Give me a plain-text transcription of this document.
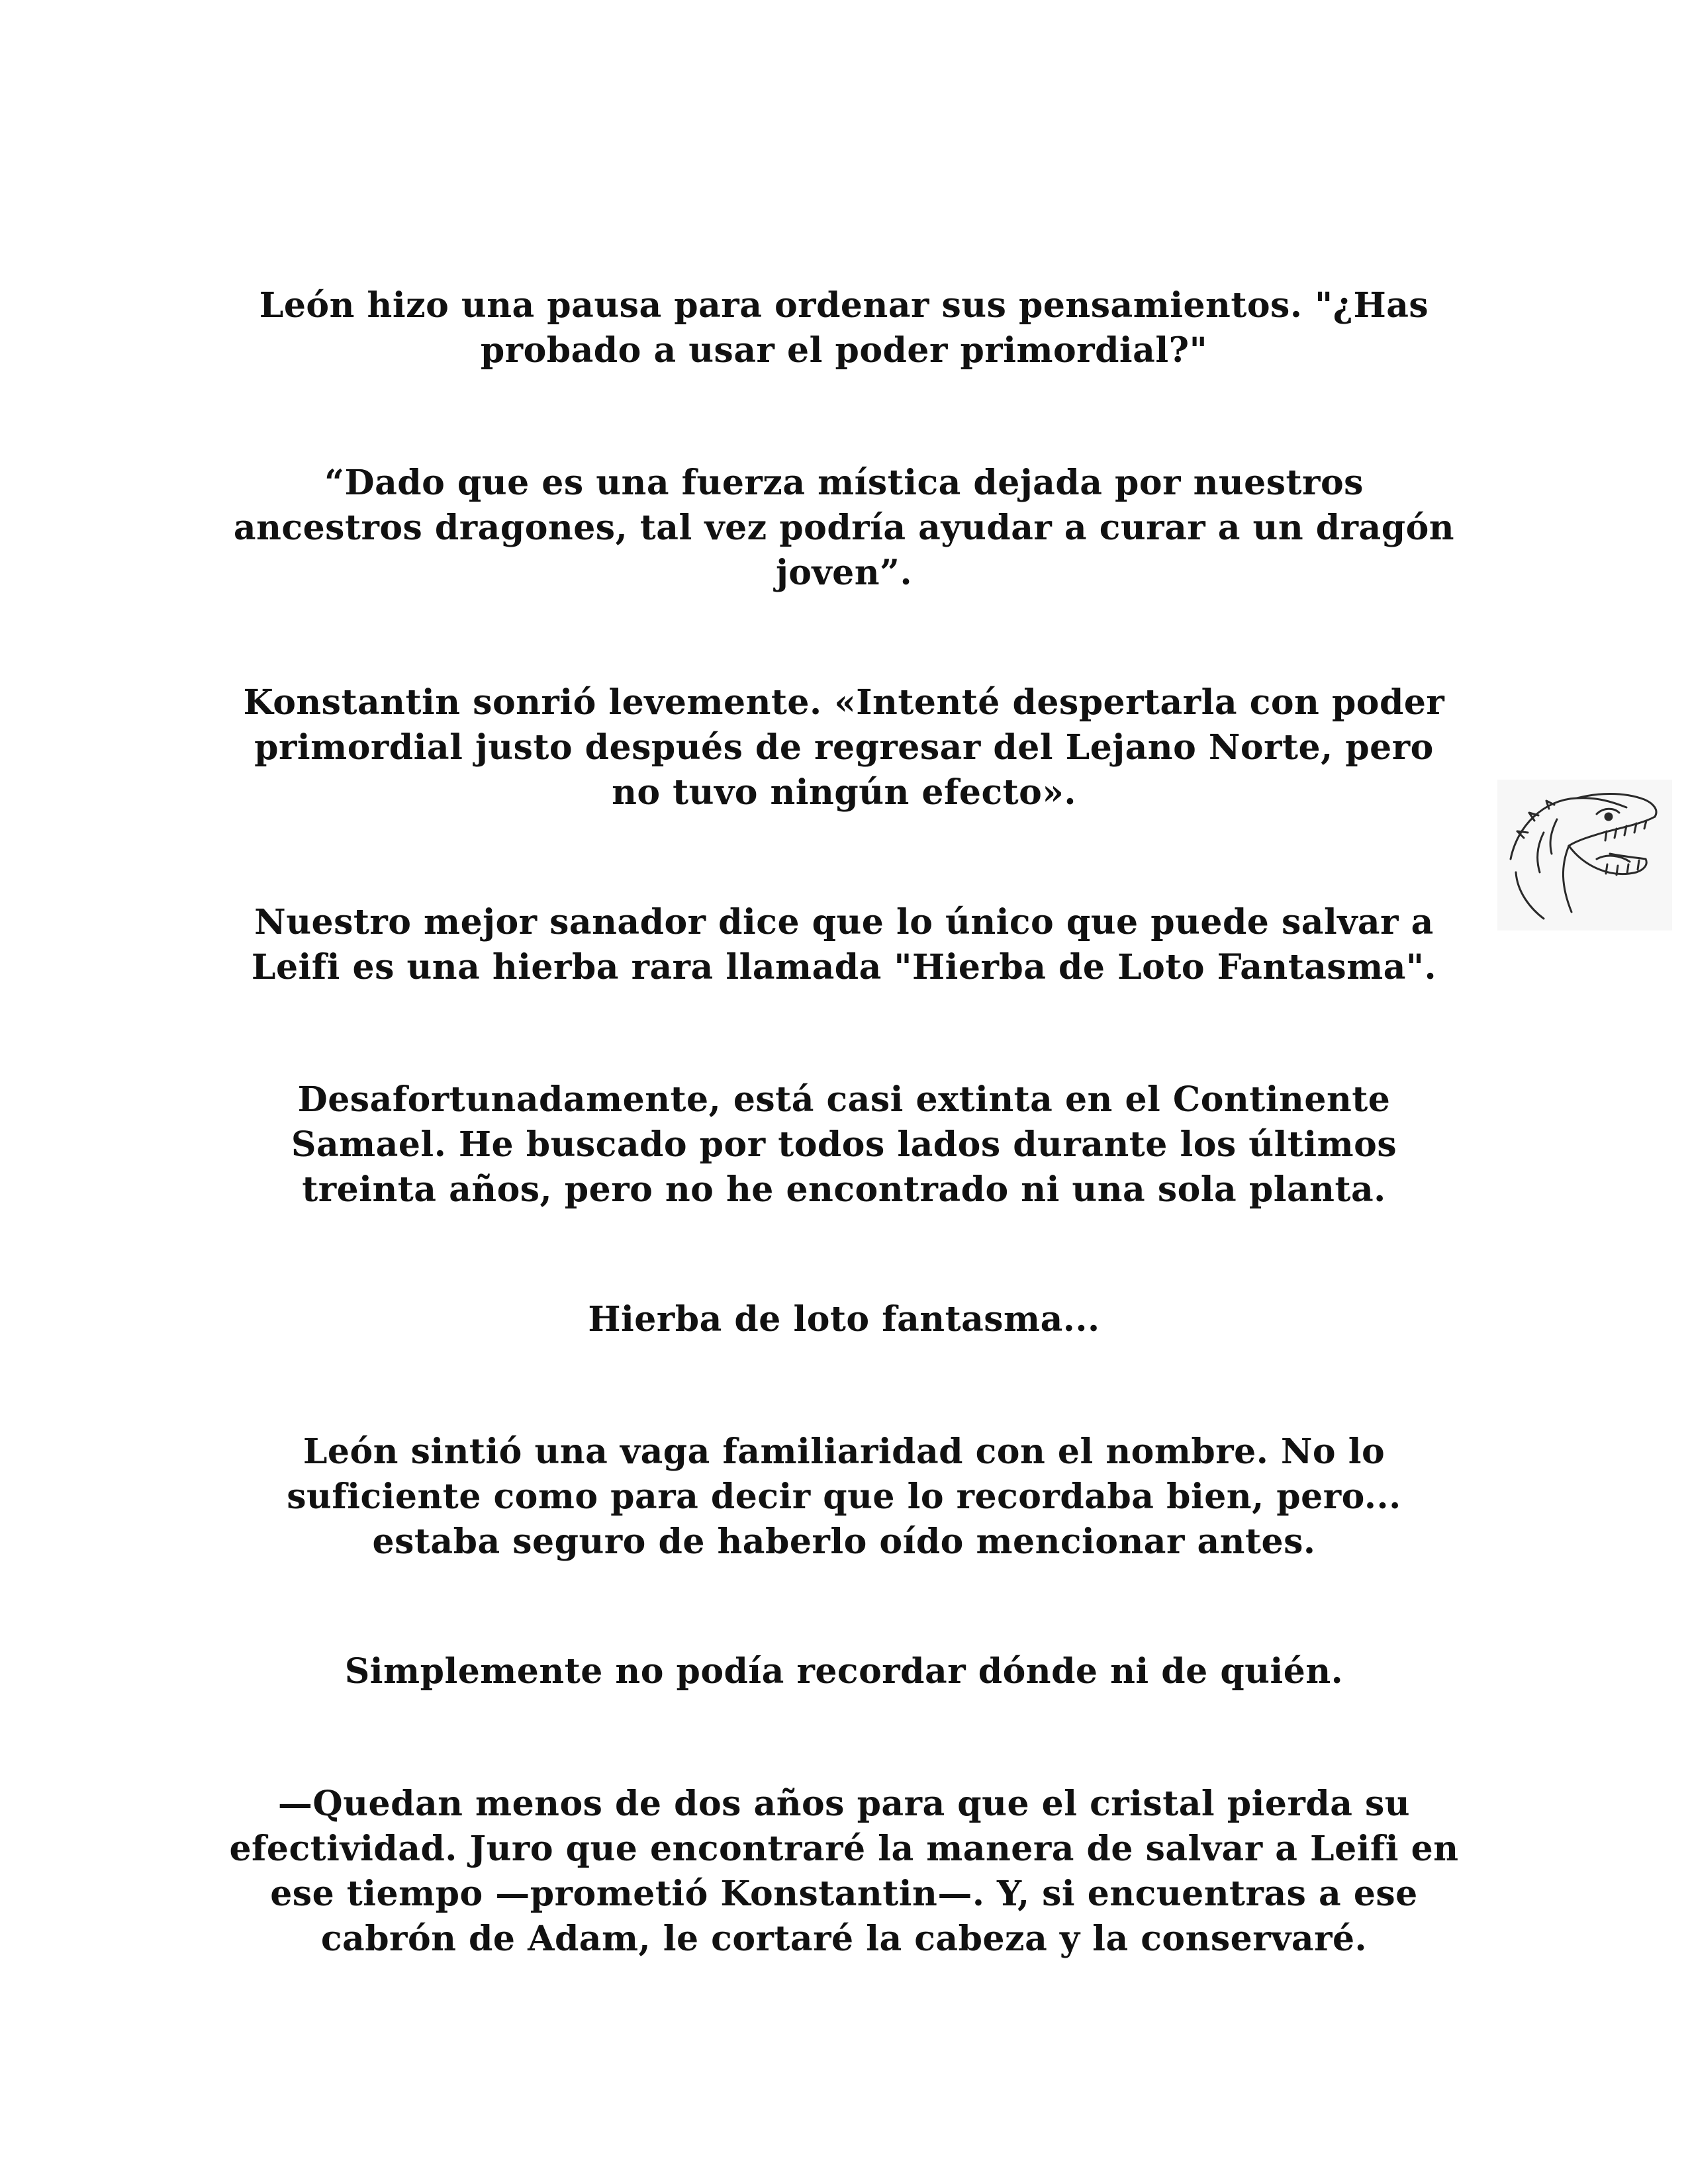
León hizo una pausa para ordenar sus pensamientos. "¿Has
probado a usar el poder primordial?"

“Dado que es una fuerza mística dejada por nuestros
ancestros dragones, tal vez podría ayudar a curar a un dragón
joven”.

Konstantin sonrió levemente. «Intenté despertarla con poder
primordial justo después de regresar del Lejano Norte, pero
no tuvo ningún efecto».

Nuestro mejor sanador dice que lo único que puede salvar a
Leifi es una hierba rara llamada "Hierba de Loto Fantasma".

Desafortunadamente, está casi extinta en el Continente
Samael. He buscado por todos lados durante los últimos
treinta años, pero no he encontrado ni una sola planta.

Hierba de loto fantasma...

León sintió una vaga familiaridad con el nombre. No lo
suficiente como para decir que lo recordaba bien, pero...
estaba seguro de haberlo oído mencionar antes.

Simplemente no podía recordar dónde ni de quién.

—Quedan menos de dos años para que el cristal pierda su
efectividad. Juro que encontraré la manera de salvar a Leifi en
ese tiempo —prometió Konstantin—. Y, si encuentras a ese
cabrón de Adam, le cortaré la cabeza y la conservaré.
